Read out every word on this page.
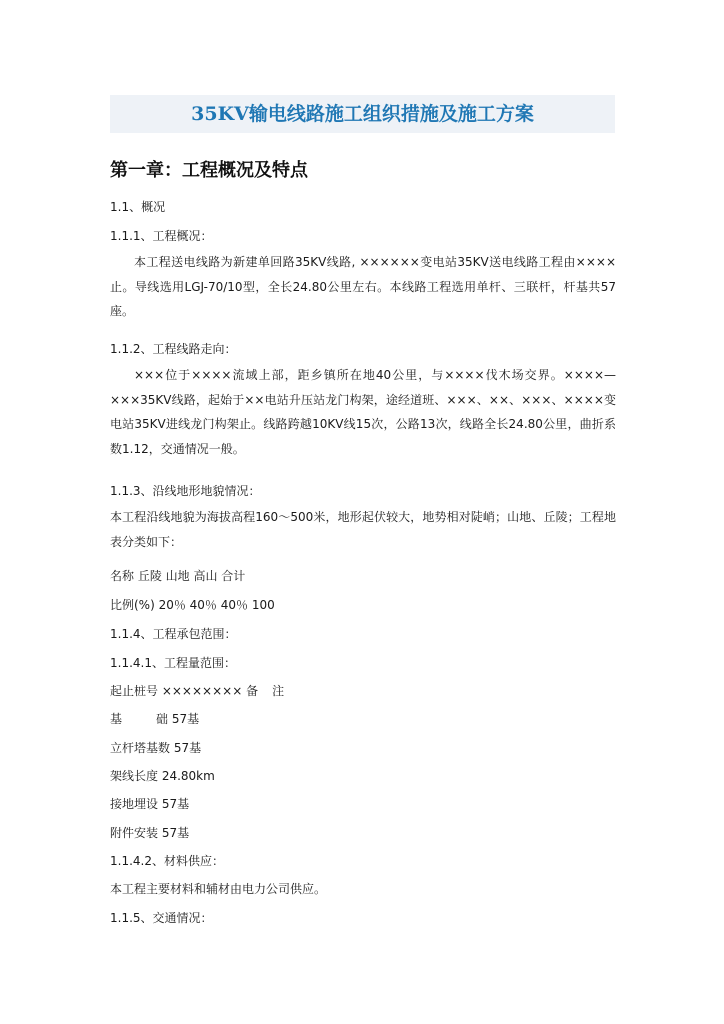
35KV输电线路施工组织措施及施工方案
第一章：工程概况及特点
1.1、概况
1.1.1、工程概况：
本工程送电线路为新建单回路35KV线路, ××××××变电站35KV送电线路工程由××××止。导线选用LGJ-70/10型，全长24.80公里左右。本线路工程选用单杆、三联杆，杆基共57座。
1.1.2、工程线路走向：
×××位于××××流域上部，距乡镇所在地40公里，与××××伐木场交界。××××—×××35KV线路，起始于××电站升压站龙门构架，途经道班、×××、××、×××、××××变电站35KV进线龙门构架止。线路跨越10KV线15次，公路13次，线路全长24.80公里，曲折系数1.12，交通情况一般。
1.1.3、沿线地形地貌情况：
本工程沿线地貌为海拔高程160～500米，地形起伏较大，地势相对陡峭；山地、丘陵；工程地表分类如下：
名称 丘陵 山地 高山 合计
比例(%) 20％ 40％ 40％ 100
1.1.4、工程承包范围：
1.1.4.1、工程量范围：
起止桩号 ×××××××× 备 注
基	础 57基
立杆塔基数 57基
架线长度 24.80km
接地埋设 57基
附件安装 57基
1.1.4.2、材料供应：
本工程主要材料和辅材由电力公司供应。
1.1.5、交通情况：
